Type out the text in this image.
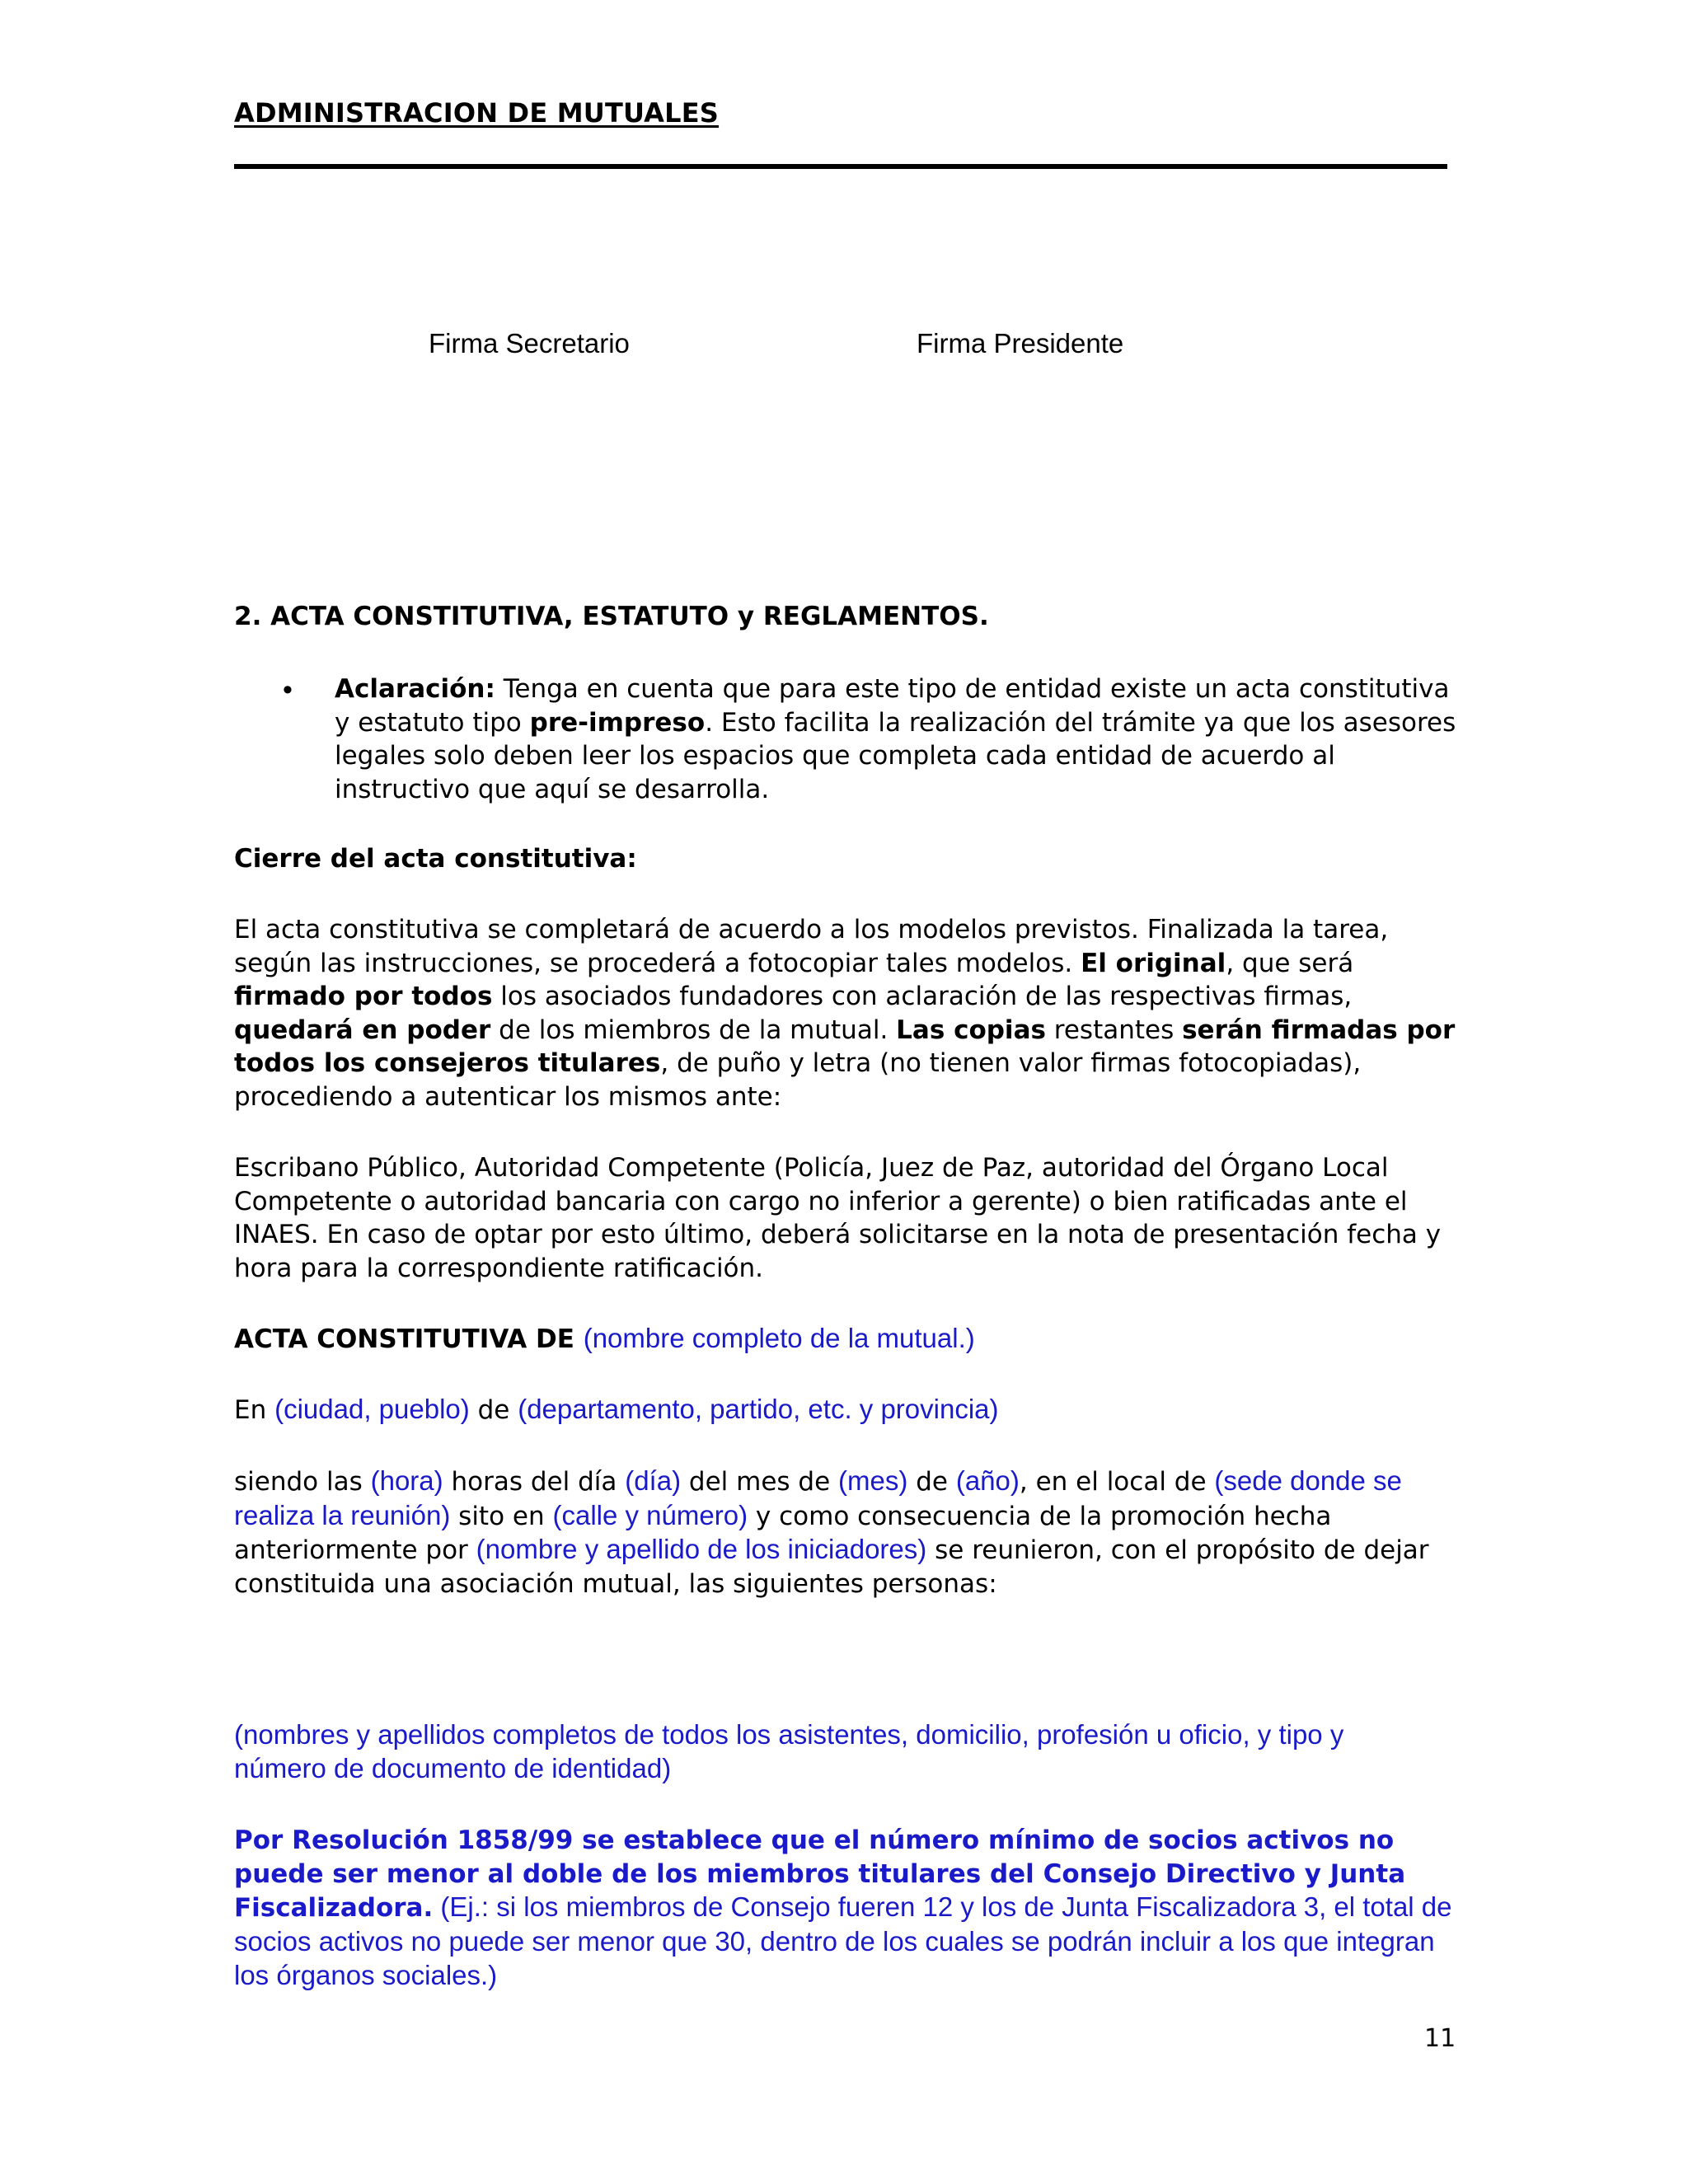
ADMINISTRACION DE MUTUALES
Firma Secretario	Firma Presidente
2. ACTA CONSTITUTIVA, ESTATUTO y REGLAMENTOS.
• Aclaración: Tenga en cuenta que para este tipo de entidad existe un acta constitutiva y estatuto tipo pre-impreso. Esto facilita la realización del trámite ya que los asesores legales solo deben leer los espacios que completa cada entidad de acuerdo al instructivo que aquí se desarrolla.
Cierre del acta constitutiva:
El acta constitutiva se completará de acuerdo a los modelos previstos. Finalizada la tarea, según las instrucciones, se procederá a fotocopiar tales modelos. El original, que será firmado por todos los asociados fundadores con aclaración de las respectivas firmas, quedará en poder de los miembros de la mutual. Las copias restantes serán firmadas por todos los consejeros titulares, de puño y letra (no tienen valor firmas fotocopiadas), procediendo a autenticar los mismos ante:
Escribano Público, Autoridad Competente (Policía, Juez de Paz, autoridad del Órgano Local Competente o autoridad bancaria con cargo no inferior a gerente) o bien ratificadas ante el INAES. En caso de optar por esto último, deberá solicitarse en la nota de presentación fecha y hora para la correspondiente ratificación.
ACTA CONSTITUTIVA DE (nombre completo de la mutual.)
En (ciudad, pueblo) de (departamento, partido, etc. y provincia)
siendo las (hora) horas del día (día) del mes de (mes) de (año), en el local de (sede donde se realiza la reunión) sito en (calle y número) y como consecuencia de la promoción hecha anteriormente por (nombre y apellido de los iniciadores) se reunieron, con el propósito de dejar constituida una asociación mutual, las siguientes personas:
(nombres y apellidos completos de todos los asistentes, domicilio, profesión u oficio, y tipo y número de documento de identidad)
Por Resolución 1858/99 se establece que el número mínimo de socios activos no puede ser menor al doble de los miembros titulares del Consejo Directivo y Junta Fiscalizadora. (Ej.: si los miembros de Consejo fueren 12 y los de Junta Fiscalizadora 3, el total de socios activos no puede ser menor que 30, dentro de los cuales se podrán incluir a los que integran los órganos sociales.)
11
